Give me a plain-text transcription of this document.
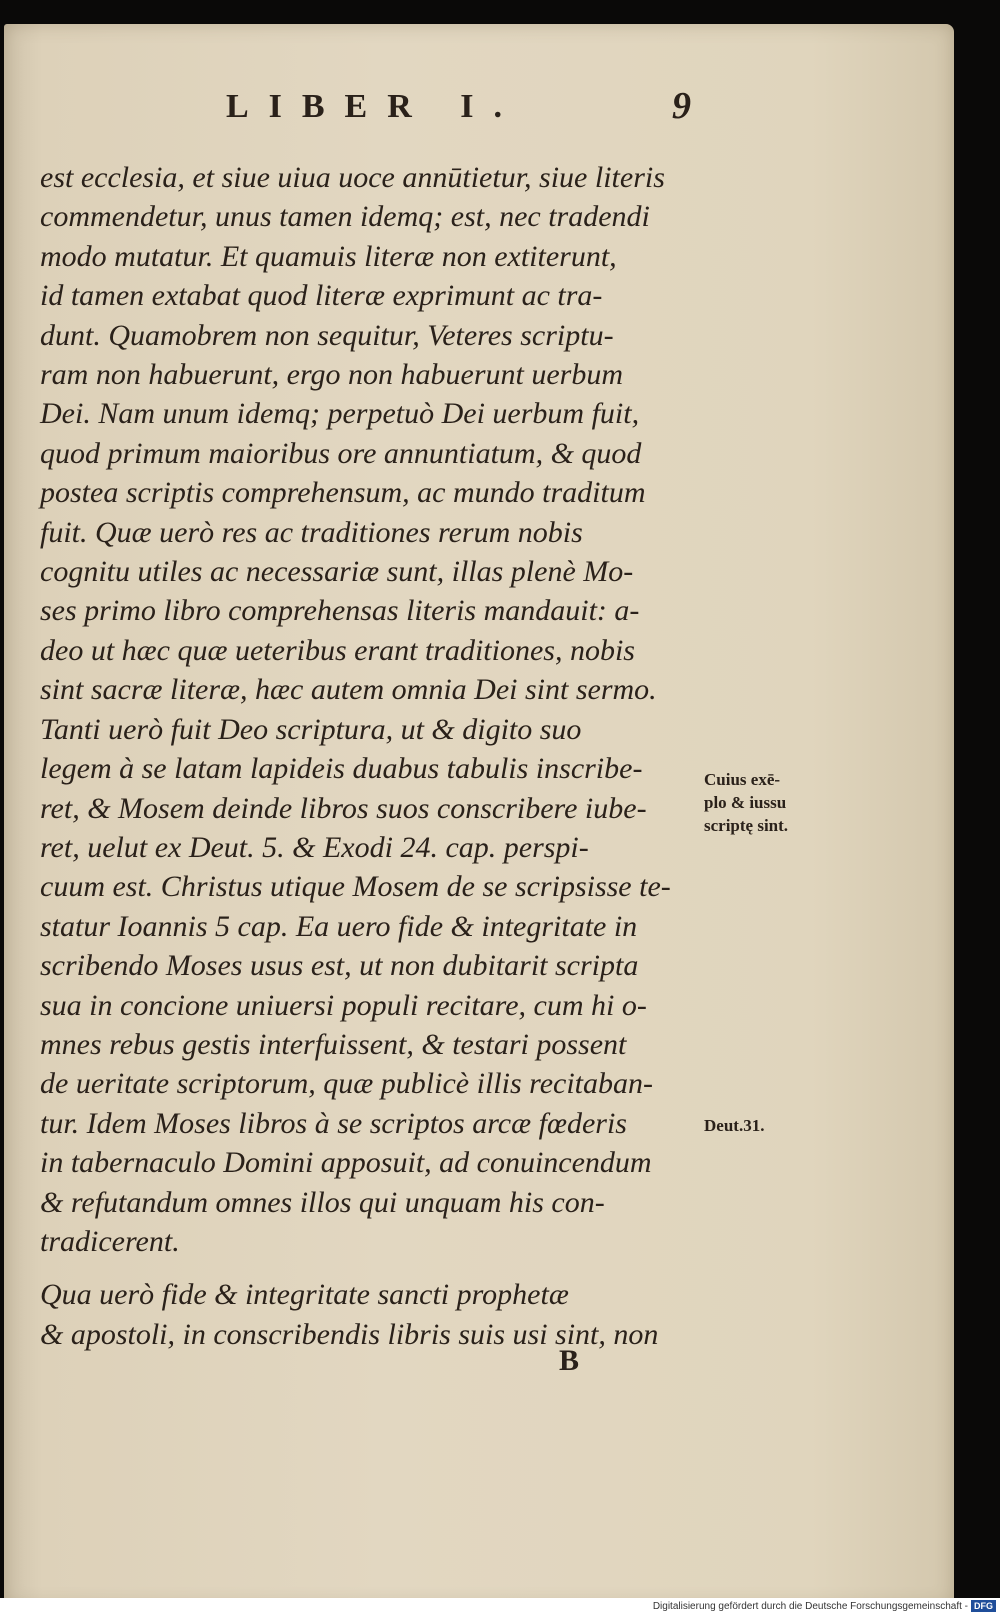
LIBER I.	9
est ecclesia, et siue uiua uoce annūtietur, siue literis
commendetur, unus tamen idemq; est, nec tradendi
modo mutatur. Et quamuis literæ non extiterunt,
id tamen extabat quod literæ exprimunt ac tra-
dunt. Quamobrem non sequitur, Veteres scriptu-
ram non habuerunt, ergo non habuerunt uerbum
Dei. Nam unum idemq; perpetuò Dei uerbum fuit,
quod primum maioribus ore annuntiatum, & quod
postea scriptis comprehensum, ac mundo traditum
fuit. Quæ uerò res ac traditiones rerum nobis
cognitu utiles ac necessariæ sunt, illas plenè Mo-
ses primo libro comprehensas literis mandauit: a-
deo ut hæc quæ ueteribus erant traditiones, nobis
sint sacræ literæ, hæc autem omnia Dei sint sermo.
Tanti uerò fuit Deo scriptura, ut & digito suo
legem à se latam lapideis duabus tabulis inscribe-
ret, & Mosem deinde libros suos conscribere iube-
ret, uelut ex Deut. 5. & Exodi 24. cap. perspi-
cuum est. Christus utique Mosem de se scripsisse te-
statur Ioannis 5 cap. Ea uero fide & integritate in
scribendo Moses usus est, ut non dubitarit scripta
sua in concione uniuersi populi recitare, cum hi o-
mnes rebus gestis interfuissent, & testari possent
de ueritate scriptorum, quæ publicè illis recitaban-
tur. Idem Moses libros à se scriptos arcæ fœderis
in tabernaculo Domini apposuit, ad conuincendum
& refutandum omnes illos qui unquam his con-
tradicerent.
Qua uerò fide & integritate sancti prophetæ
& apostoli, in conscribendis libris suis usi sint, non
Cuius exē-
plo & iussu
scriptę sint.
Deut.31.
B
Digitalisierung gefördert durch die Deutsche Forschungsgemeinschaft - DFG
